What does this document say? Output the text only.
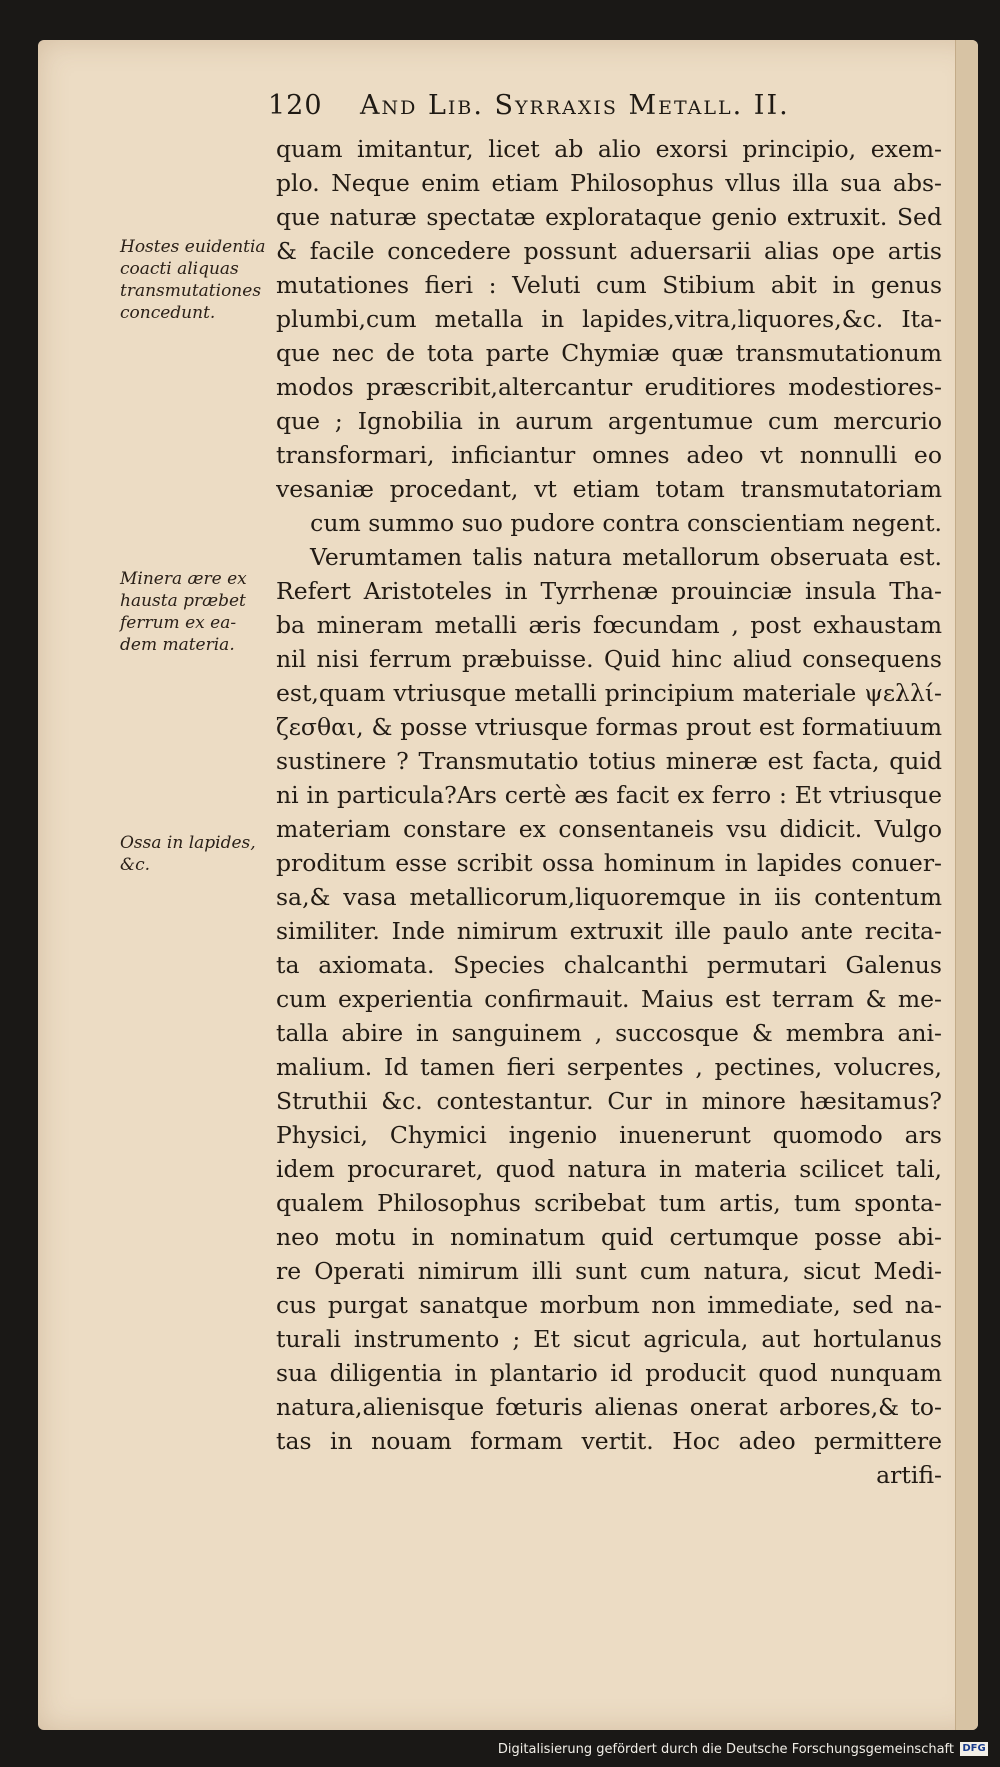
120 And Lib. Syrraxis Metall. II.
Hostes euidentia
coacti aliquas
transmutationes
concedunt.
Minera ære ex
hausta præbet
ferrum ex ea-
dem materia.
Ossa in lapides,
&c.
quam imitantur, licet ab alio exorsi principio, exem-
plo. Neque enim etiam Philosophus vllus illa sua abs-
que naturæ spectatæ explorataque genio extruxit. Sed
& facile concedere possunt aduersarii alias ope artis
mutationes fieri : Veluti cum Stibium abit in genus
plumbi,cum metalla in lapides,vitra,liquores,&c. Ita-
que nec de tota parte Chymiæ quæ transmutationum
modos præscribit,altercantur eruditiores modestiores-
que ; Ignobilia in aurum argentumue cum mercurio
transformari, inficiantur omnes adeo vt nonnulli eo
vesaniæ procedant, vt etiam totam transmutatoriam
cum summo suo pudore contra conscientiam negent.
Verumtamen talis natura metallorum obseruata est.
Refert Aristoteles in Tyrrhenæ prouinciæ insula Tha-
ba mineram metalli æris fœcundam , post exhaustam
nil nisi ferrum præbuisse. Quid hinc aliud consequens
est,quam vtriusque metalli principium materiale ψελλί-
ζεσθαι, & posse vtriusque formas prout est formatiuum
sustinere ? Transmutatio totius mineræ est facta, quid
ni in particula?Ars certè æs facit ex ferro : Et vtriusque
materiam constare ex consentaneis vsu didicit. Vulgo
proditum esse scribit ossa hominum in lapides conuer-
sa,& vasa metallicorum,liquoremque in iis contentum
similiter. Inde nimirum extruxit ille paulo ante recita-
ta axiomata. Species chalcanthi permutari Galenus
cum experientia confirmauit. Maius est terram & me-
talla abire in sanguinem , succosque & membra ani-
malium. Id tamen fieri serpentes , pectines, volucres,
Struthii &c. contestantur. Cur in minore hæsitamus?
Physici, Chymici ingenio inuenerunt quomodo ars
idem procuraret, quod natura in materia scilicet tali,
qualem Philosophus scribebat tum artis, tum sponta-
neo motu in nominatum quid certumque posse abi-
re Operati nimirum illi sunt cum natura, sicut Medi-
cus purgat sanatque morbum non immediate, sed na-
turali instrumento ; Et sicut agricula, aut hortulanus
sua diligentia in plantario id producit quod nunquam
natura,alienisque fœturis alienas onerat arbores,& to-
tas in nouam formam vertit. Hoc adeo permittere
artifi-
Digitalisierung gefördert durch die Deutsche Forschungsgemeinschaft DFG
